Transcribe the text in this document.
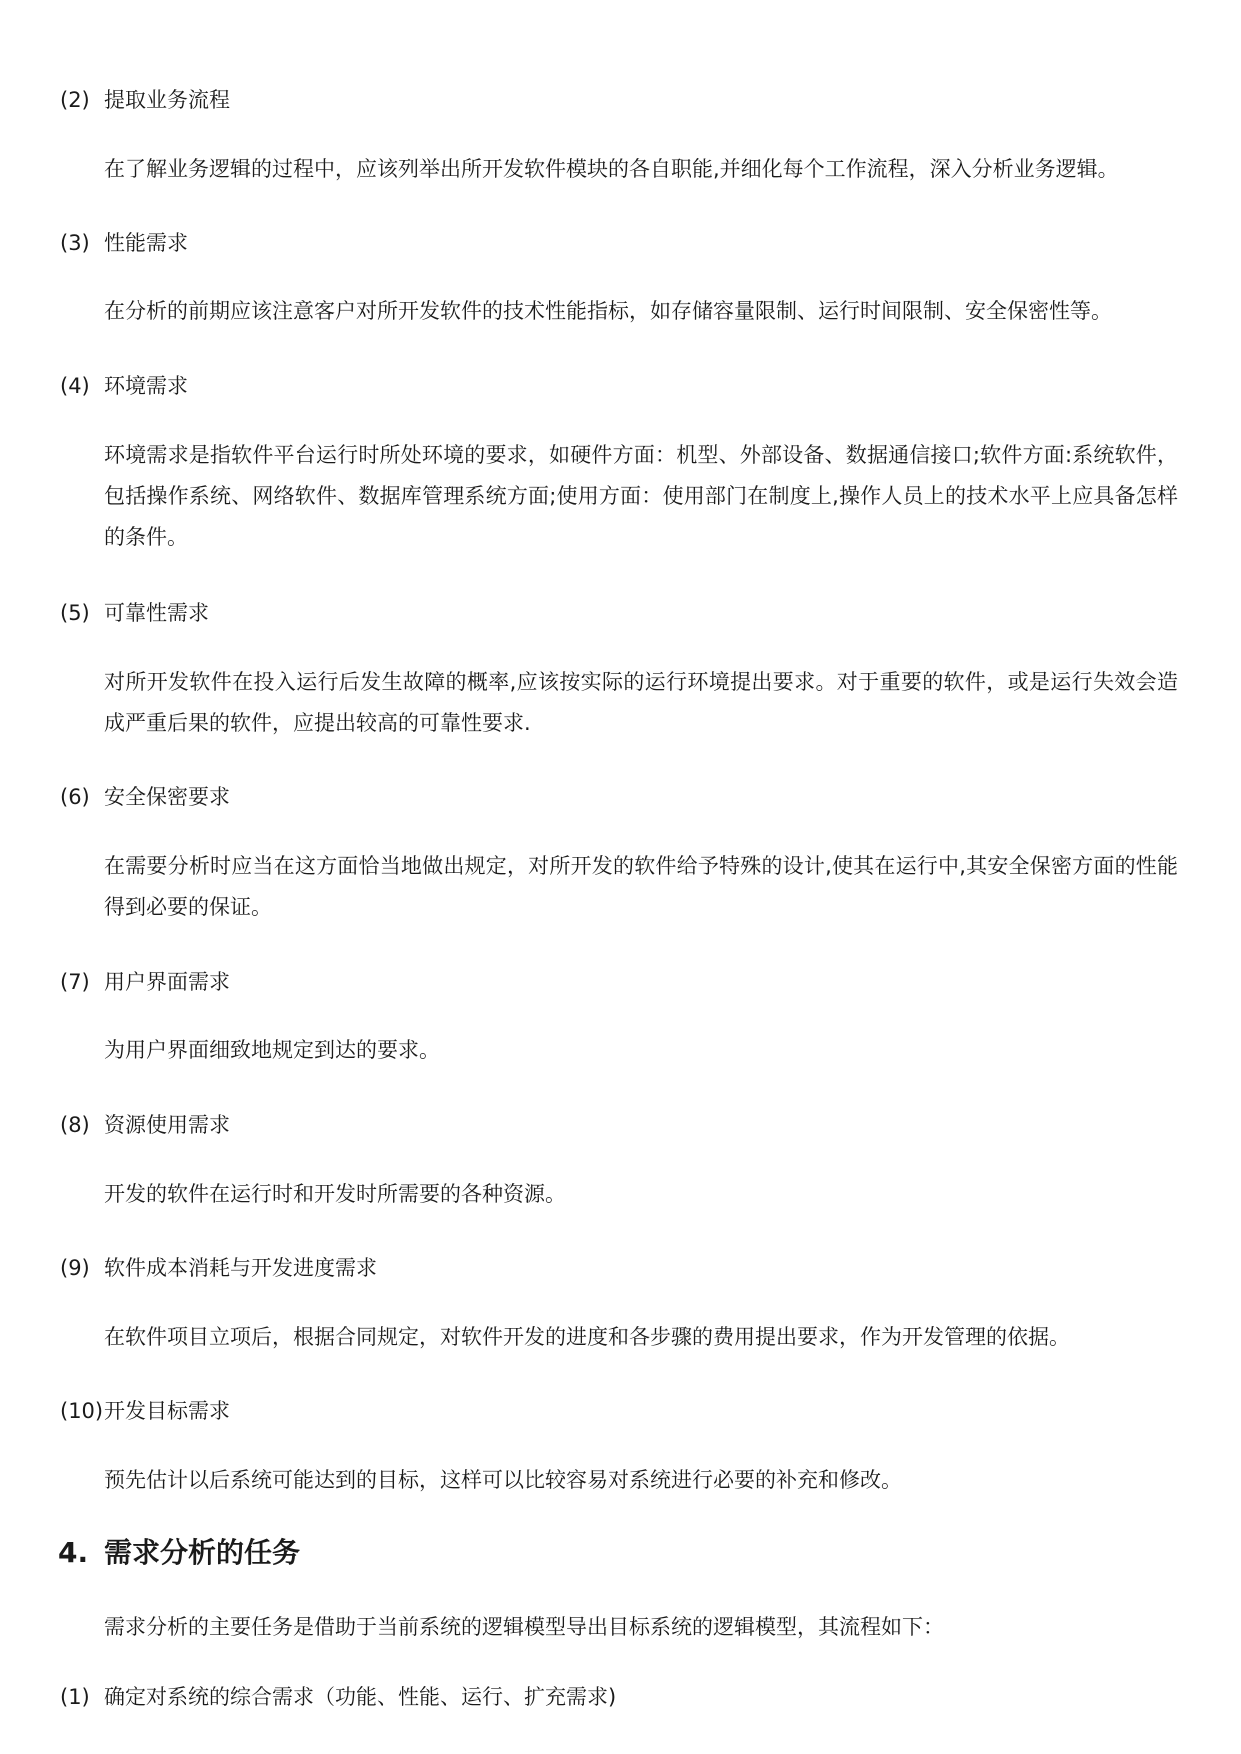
(2) 提取业务流程
在了解业务逻辑的过程中，应该列举出所开发软件模块的各自职能,并细化每个工作流程，深入分析业务逻辑。
(3) 性能需求
在分析的前期应该注意客户对所开发软件的技术性能指标，如存储容量限制、运行时间限制、安全保密性等。
(4) 环境需求
环境需求是指软件平台运行时所处环境的要求，如硬件方面：机型、外部设备、数据通信接口;软件方面:系统软件，包括操作系统、网络软件、数据库管理系统方面;使用方面：使用部门在制度上,操作人员上的技术水平上应具备怎样的条件。
(5) 可靠性需求
对所开发软件在投入运行后发生故障的概率,应该按实际的运行环境提出要求。对于重要的软件，或是运行失效会造成严重后果的软件，应提出较高的可靠性要求.
(6) 安全保密要求
在需要分析时应当在这方面恰当地做出规定，对所开发的软件给予特殊的设计,使其在运行中,其安全保密方面的性能得到必要的保证。
(7) 用户界面需求
为用户界面细致地规定到达的要求。
(8) 资源使用需求
开发的软件在运行时和开发时所需要的各种资源。
(9) 软件成本消耗与开发进度需求
在软件项目立项后，根据合同规定，对软件开发的进度和各步骤的费用提出要求，作为开发管理的依据。
(10)开发目标需求
预先估计以后系统可能达到的目标，这样可以比较容易对系统进行必要的补充和修改。
4. 需求分析的任务
需求分析的主要任务是借助于当前系统的逻辑模型导出目标系统的逻辑模型，其流程如下：
(1) 确定对系统的综合需求（功能、性能、运行、扩充需求)
